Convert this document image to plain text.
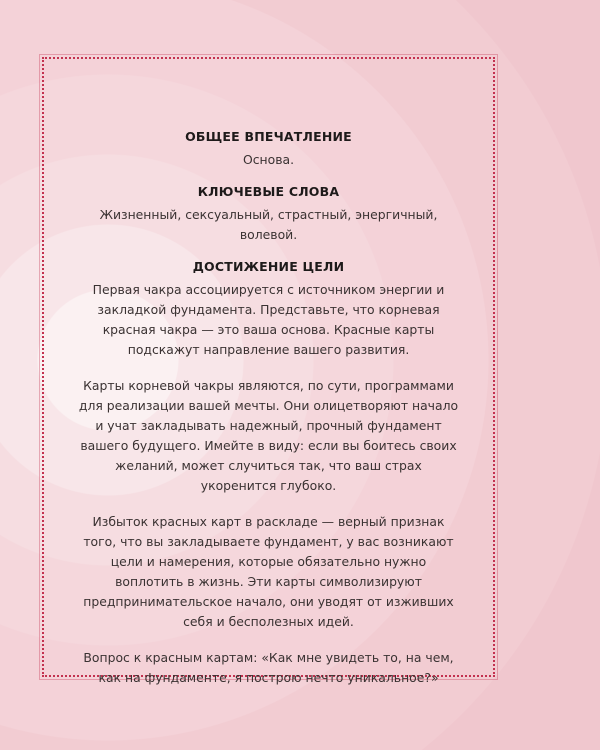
ОБЩЕЕ ВПЕЧАТЛЕНИЕ

Основа.

КЛЮЧЕВЫЕ СЛОВА

Жизненный, сексуальный, страстный, энергичный, волевой.

ДОСТИЖЕНИЕ ЦЕЛИ

Первая чакра ассоциируется с источником энергии и закладкой фундамента. Представьте, что корневая красная чакра — это ваша основа. Красные карты подскажут направление вашего развития.

Карты корневой чакры являются, по сути, программами для реализации вашей мечты. Они олицетворяют начало и учат закладывать надежный, прочный фундамент вашего будущего. Имейте в виду: если вы боитесь своих желаний, может случиться так, что ваш страх укоренится глубоко.

Избыток красных карт в раскладе — верный признак того, что вы закладываете фундамент, у вас возникают цели и намерения, которые обязательно нужно воплотить в жизнь. Эти карты символизируют предпринимательское начало, они уводят от изживших себя и бесполезных идей.

Вопрос к красным картам: «Как мне увидеть то, на чем, как на фундаменте, я построю нечто уникальное?»
